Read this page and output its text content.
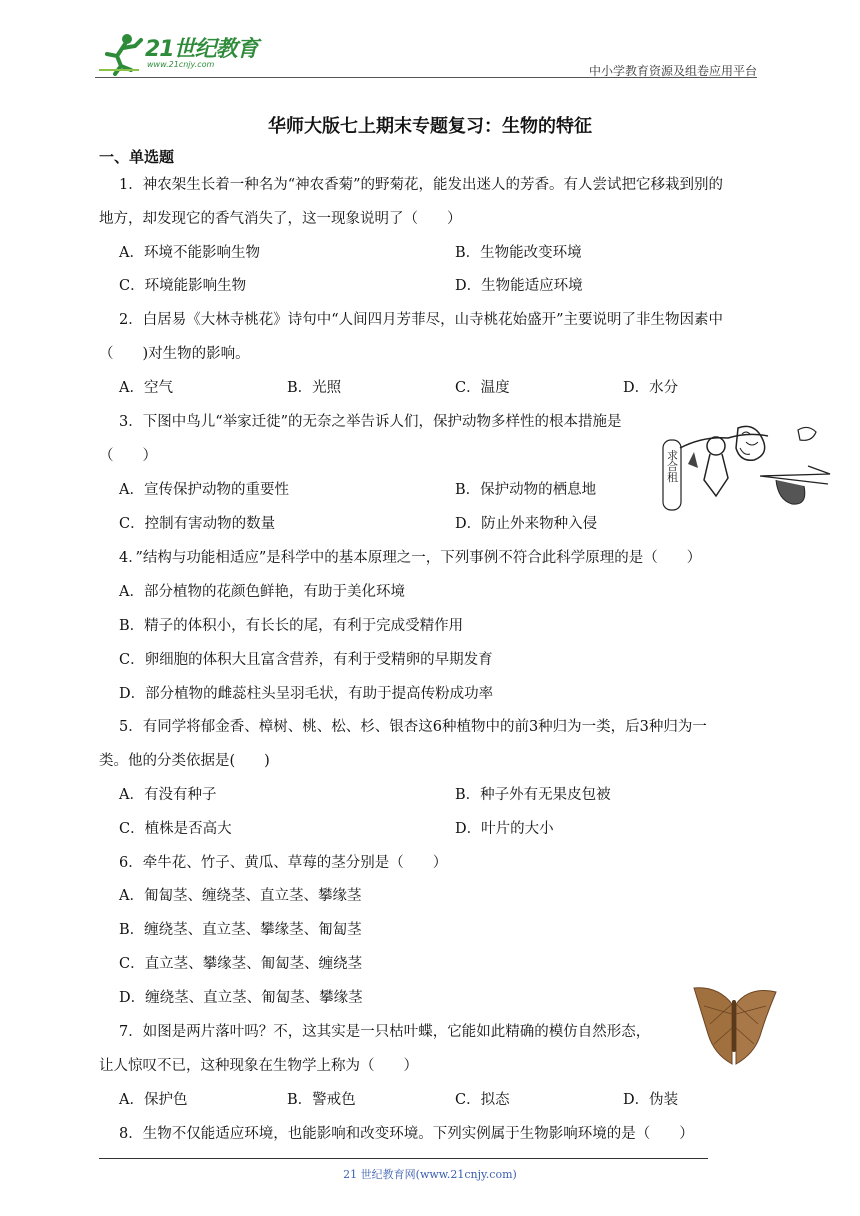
21世纪教育
www.21cnjy.com	中小学教育资源及组卷应用平台
华师大版七上期末专题复习：生物的特征
一、单选题
1．神农架生长着一种名为“神农香菊”的野菊花，能发出迷人的芳香。有人尝试把它移栽到别的
地方，却发现它的香气消失了，这一现象说明了（　　）
A．环境不能影响生物	B．生物能改变环境
C．环境能影响生物	D．生物能适应环境
2．白居易《大林寺桃花》诗句中“人间四月芳菲尽，山寺桃花始盛开”主要说明了非生物因素中
（　　)对生物的影响。
A．空气	B．光照	C．温度	D．水分
3．下图中鸟儿“举家迁徙”的无奈之举告诉人们，保护动物多样性的根本措施是
（　　）
A．宣传保护动物的重要性	B．保护动物的栖息地
C．控制有害动物的数量	D．防止外来物种入侵
求合租
4．”结构与功能相适应”是科学中的基本原理之一，下列事例不符合此科学原理的是（　　）
A．部分植物的花颜色鲜艳，有助于美化环境
B．精子的体积小，有长长的尾，有利于完成受精作用
C．卵细胞的体积大且富含营养，有利于受精卵的早期发育
D．部分植物的雌蕊柱头呈羽毛状，有助于提高传粉成功率
5．有同学将郁金香、樟树、桃、松、杉、银杏这6种植物中的前3种归为一类，后3种归为一
类。他的分类依据是(　　)
A．有没有种子	B．种子外有无果皮包被
C．植株是否高大	D．叶片的大小
6．牵牛花、竹子、黄瓜、草莓的茎分别是（　　）
A．匍匐茎、缠绕茎、直立茎、攀缘茎
B．缠绕茎、直立茎、攀缘茎、匍匐茎
C．直立茎、攀缘茎、匍匐茎、缠绕茎
D．缠绕茎、直立茎、匍匐茎、攀缘茎
7．如图是两片落叶吗？不，这其实是一只枯叶蝶，它能如此精确的模仿自然形态，
让人惊叹不已，这种现象在生物学上称为（　　）
A．保护色	B．警戒色	C．拟态	D．伪装
8．生物不仅能适应环境，也能影响和改变环境。下列实例属于生物影响环境的是（　　）
21 世纪教育网(www.21cnjy.com)
